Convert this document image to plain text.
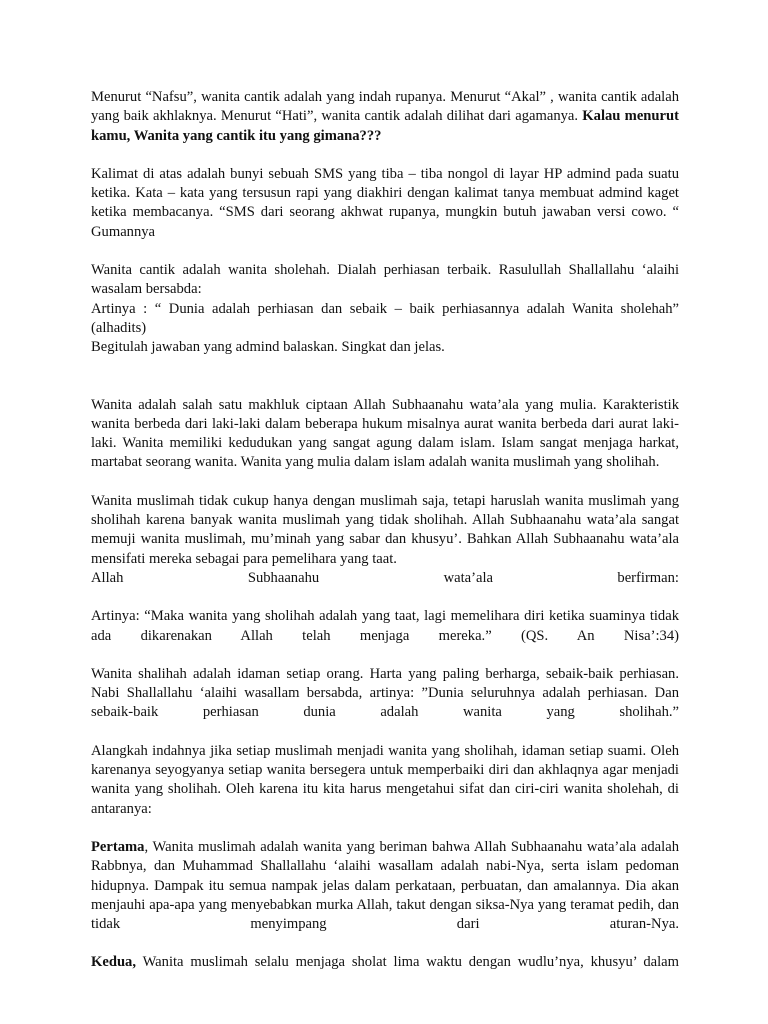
Menurut “Nafsu”, wanita cantik adalah yang indah rupanya. Menurut “Akal” , wanita cantik adalah yang baik akhlaknya. Menurut “Hati”, wanita cantik adalah dilihat dari agamanya. Kalau menurut kamu, Wanita yang cantik itu yang gimana???

Kalimat di atas adalah bunyi sebuah SMS yang tiba – tiba nongol di layar HP admind pada suatu ketika. Kata – kata yang tersusun rapi yang diakhiri dengan kalimat tanya membuat admind kaget ketika membacanya. “SMS dari seorang akhwat rupanya, mungkin butuh jawaban versi cowo. “ Gumannya

Wanita cantik adalah wanita sholehah. Dialah perhiasan terbaik. Rasulullah Shallallahu ‘alaihi wasalam bersabda:

Artinya : “ Dunia adalah perhiasan dan sebaik – baik perhiasannya adalah Wanita sholehah” (alhadits)

Begitulah jawaban yang admind balaskan. Singkat dan jelas.

Wanita adalah salah satu makhluk ciptaan Allah Subhaanahu wata’ala yang mulia. Karakteristik wanita berbeda dari laki-laki dalam beberapa hukum misalnya aurat wanita berbeda dari aurat laki-laki. Wanita memiliki kedudukan yang sangat agung dalam islam. Islam sangat menjaga harkat, martabat seorang wanita. Wanita yang mulia dalam islam adalah wanita muslimah yang sholihah.

Wanita muslimah tidak cukup hanya dengan muslimah saja, tetapi haruslah wanita muslimah yang sholihah karena banyak wanita muslimah yang tidak sholihah. Allah Subhaanahu wata’ala sangat memuji wanita muslimah, mu’minah yang sabar dan khusyu’. Bahkan Allah Subhaanahu wata’ala mensifati mereka sebagai para pemelihara yang taat.

Allah Subhaanahu wata’ala berfirman:

Artinya: “Maka wanita yang sholihah adalah yang taat, lagi memelihara diri ketika suaminya tidak ada dikarenakan Allah telah menjaga mereka.” (QS. An Nisa’:34)

Wanita shalihah adalah idaman setiap orang. Harta yang paling berharga, sebaik-baik perhiasan. Nabi Shallallahu ‘alaihi wasallam bersabda, artinya: ”Dunia seluruhnya adalah perhiasan. Dan sebaik-baik perhiasan dunia adalah wanita yang sholihah.”

Alangkah indahnya jika setiap muslimah menjadi wanita yang sholihah, idaman setiap suami. Oleh karenanya seyogyanya setiap wanita bersegera untuk memperbaiki diri dan akhlaqnya agar menjadi wanita yang sholihah. Oleh karena itu kita harus mengetahui sifat dan ciri-ciri wanita sholehah, di antaranya:

Pertama, Wanita muslimah adalah wanita yang beriman bahwa Allah Subhaanahu wata’ala adalah Rabbnya, dan Muhammad Shallallahu ‘alaihi wasallam adalah nabi-Nya, serta islam pedoman hidupnya. Dampak itu semua nampak jelas dalam perkataan, perbuatan, dan amalannya. Dia akan menjauhi apa-apa yang menyebabkan murka Allah, takut dengan siksa-Nya yang teramat pedih, dan tidak menyimpang dari aturan-Nya.

Kedua, Wanita muslimah selalu menjaga sholat lima waktu dengan wudlu’nya, khusyu’ dalam
